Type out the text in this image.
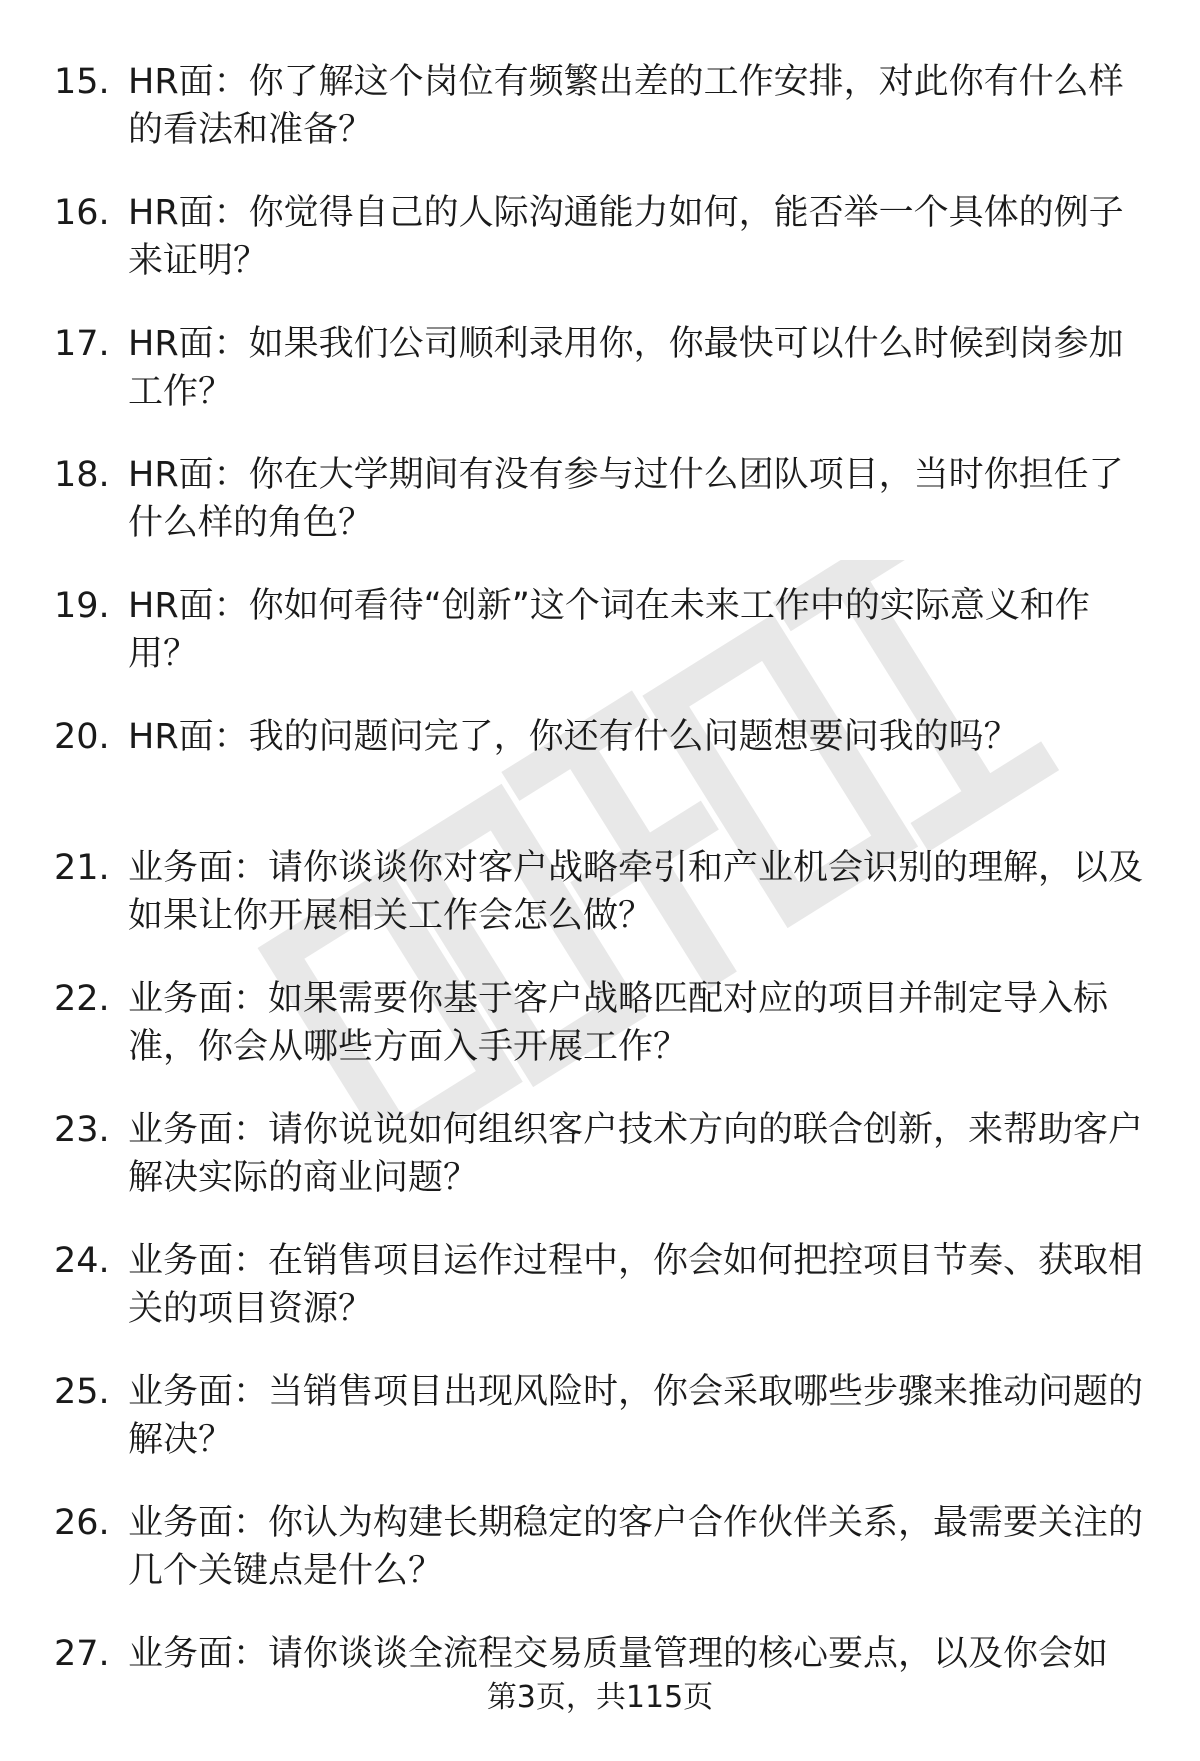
15. HR面：你了解这个岗位有频繁出差的工作安排，对此你有什么样的看法和准备？
16. HR面：你觉得自己的人际沟通能力如何，能否举一个具体的例子来证明？
17. HR面：如果我们公司顺利录用你，你最快可以什么时候到岗参加工作？
18. HR面：你在大学期间有没有参与过什么团队项目，当时你担任了什么样的角色？
19. HR面：你如何看待“创新”这个词在未来工作中的实际意义和作用？
20. HR面：我的问题问完了，你还有什么问题想要问我的吗？
21. 业务面：请你谈谈你对客户战略牵引和产业机会识别的理解，以及如果让你开展相关工作会怎么做？
22. 业务面：如果需要你基于客户战略匹配对应的项目并制定导入标准，你会从哪些方面入手开展工作？
23. 业务面：请你说说如何组织客户技术方向的联合创新，来帮助客户解决实际的商业问题？
24. 业务面：在销售项目运作过程中，你会如何把控项目节奏、获取相关的项目资源？
25. 业务面：当销售项目出现风险时，你会采取哪些步骤来推动问题的解决？
26. 业务面：你认为构建长期稳定的客户合作伙伴关系，最需要关注的几个关键点是什么？
27. 业务面：请你谈谈全流程交易质量管理的核心要点，以及你会如
第3页，共115页
